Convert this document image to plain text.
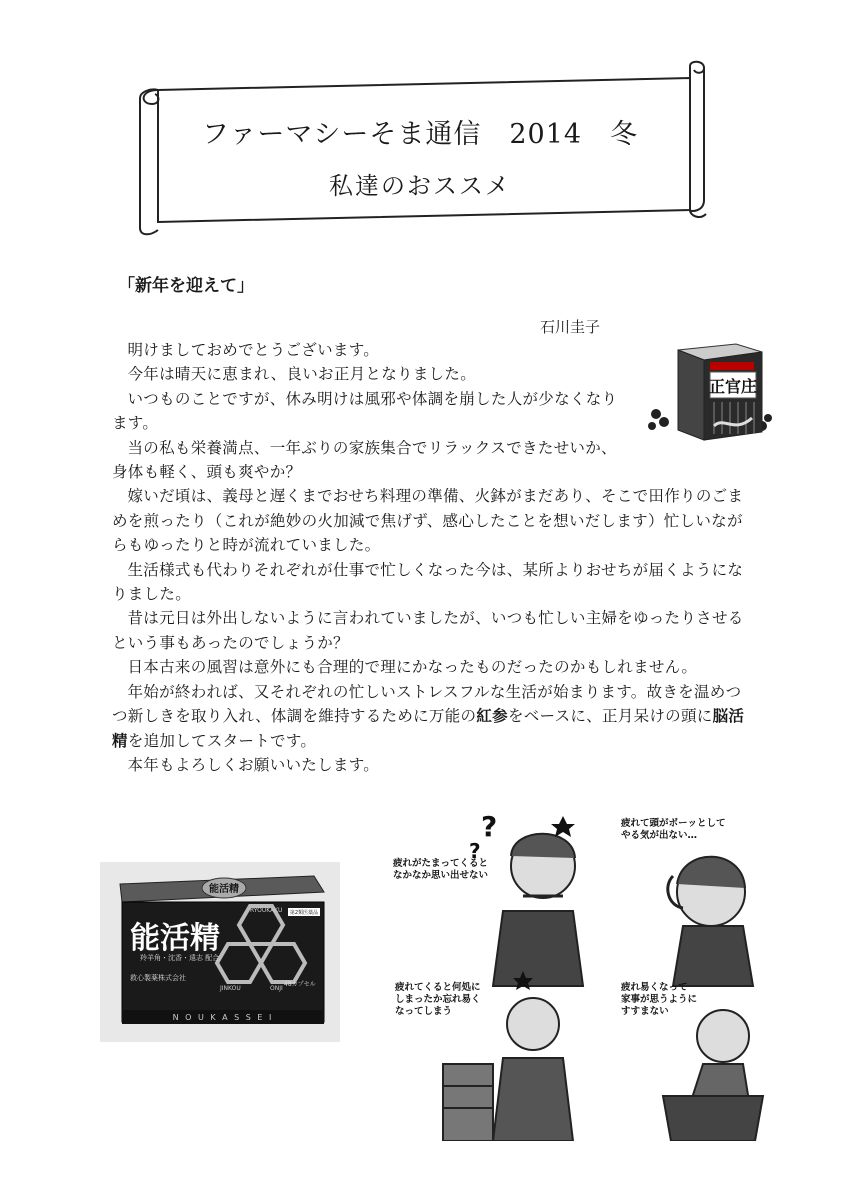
ファーマシーそま通信　2014　冬
私達のおススメ
「新年を迎えて」
石川圭子

明けましておめでとうございます。

今年は晴天に恵まれ、良いお正月となりました。

いつものことですが、休み明けは風邪や体調を崩した人が少なくなります。

当の私も栄養満点、一年ぶりの家族集合でリラックスできたせいか、身体も軽く、頭も爽やか？

嫁いだ頃は、義母と遅くまでおせち料理の準備、火鉢がまだあり、そこで田作りのごまめを煎ったり（これが絶妙の火加減で焦げず、感心したことを想いだします）忙しいながらもゆったりと時が流れていました。

生活様式も代わりそれぞれが仕事で忙しくなった今は、某所よりおせちが届くようになりました。

昔は元日は外出しないように言われていましたが、いつも忙しい主婦をゆったりさせるという事もあったのでしょうか？

日本古来の風習は意外にも合理的で理にかなったものだったのかもしれません。

年始が終われば、又それぞれの忙しいストレスフルな生活が始まります。故きを温めつつ新しきを取り入れ、体調を維持するために万能の紅参をベースに、正月呆けの頭に脳活精を追加してスタートです。

本年もよろしくお願いいたします。

正官庄
能活精
RYOUKAKU
JINKOU	ONJI
第2類医薬品
能活精
羚羊角・沈香・遠志 配合
救心製薬株式会社
48カプセル
N O U K A S S E I
?
?
疲れがたまってくると
なかなか思い出せない
疲れて頭がボーッとして
やる気が出ない…
疲れてくると何処に
しまったか忘れ易く
なってしまう
疲れ易くなって
家事が思うように
すすまない
